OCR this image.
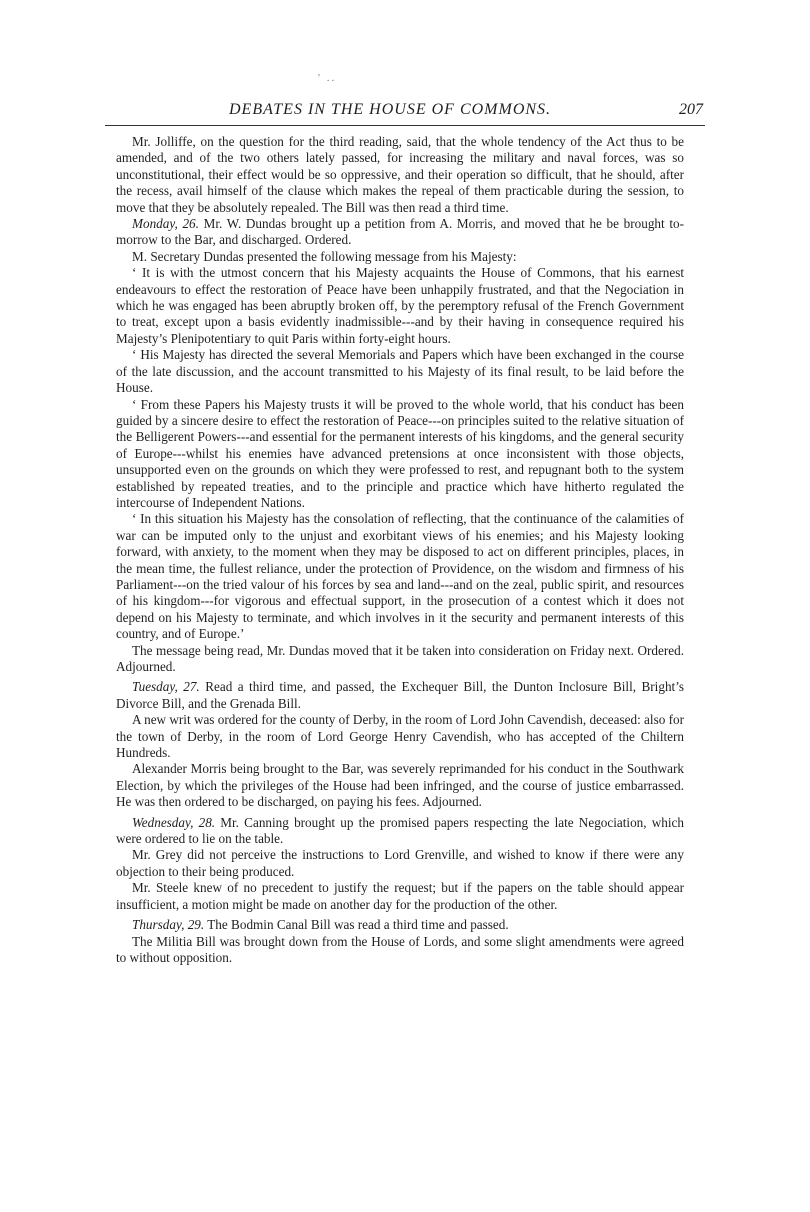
' ..
DEBATES IN THE HOUSE OF COMMONS.	207

Mr. Jolliffe, on the question for the third reading, said, that the whole tendency of the Act thus to be amended, and of the two others lately passed, for increasing the military and naval forces, was so unconstitutional, their effect would be so oppressive, and their operation so difficult, that he should, after the recess, avail himself of the clause which makes the repeal of them practicable during the session, to move that they be absolutely repealed. The Bill was then read a third time.

Monday, 26. Mr. W. Dundas brought up a petition from A. Morris, and moved that he be brought to-morrow to the Bar, and discharged. Ordered.

M. Secretary Dundas presented the following message from his Majesty:

‘ It is with the utmost concern that his Majesty acquaints the House of Commons, that his earnest endeavours to effect the restoration of Peace have been unhappily frustrated, and that the Negociation in which he was engaged has been abruptly broken off, by the peremptory refusal of the French Government to treat, except upon a basis evidently inadmissible---and by their having in consequence required his Majesty’s Plenipotentiary to quit Paris within forty-eight hours.

‘ His Majesty has directed the several Memorials and Papers which have been exchanged in the course of the late discussion, and the account transmitted to his Majesty of its final result, to be laid before the House.

‘ From these Papers his Majesty trusts it will be proved to the whole world, that his conduct has been guided by a sincere desire to effect the restoration of Peace---on principles suited to the relative situation of the Belligerent Powers---and essential for the permanent interests of his kingdoms, and the general security of Europe---whilst his enemies have advanced pretensions at once inconsistent with those objects, unsupported even on the grounds on which they were professed to rest, and repugnant both to the system established by repeated treaties, and to the principle and practice which have hitherto regulated the intercourse of Independent Nations.

‘ In this situation his Majesty has the consolation of reflecting, that the continuance of the calamities of war can be imputed only to the unjust and exorbitant views of his enemies; and his Majesty looking forward, with anxiety, to the moment when they may be disposed to act on different principles, places, in the mean time, the fullest reliance, under the protection of Providence, on the wisdom and firmness of his Parliament---on the tried valour of his forces by sea and land---and on the zeal, public spirit, and resources of his kingdom---for vigorous and effectual support, in the prosecution of a contest which it does not depend on his Majesty to terminate, and which involves in it the security and permanent interests of this country, and of Europe.’

The message being read, Mr. Dundas moved that it be taken into consideration on Friday next. Ordered. Adjourned.

Tuesday, 27. Read a third time, and passed, the Exchequer Bill, the Dunton Inclosure Bill, Bright’s Divorce Bill, and the Grenada Bill.

A new writ was ordered for the county of Derby, in the room of Lord John Cavendish, deceased: also for the town of Derby, in the room of Lord George Henry Cavendish, who has accepted of the Chiltern Hundreds.

Alexander Morris being brought to the Bar, was severely reprimanded for his conduct in the Southwark Election, by which the privileges of the House had been infringed, and the course of justice embarrassed. He was then ordered to be discharged, on paying his fees. Adjourned.

Wednesday, 28. Mr. Canning brought up the promised papers respecting the late Negociation, which were ordered to lie on the table.

Mr. Grey did not perceive the instructions to Lord Grenville, and wished to know if there were any objection to their being produced.

Mr. Steele knew of no precedent to justify the request; but if the papers on the table should appear insufficient, a motion might be made on another day for the production of the other.

Thursday, 29. The Bodmin Canal Bill was read a third time and passed.

The Militia Bill was brought down from the House of Lords, and some slight amendments were agreed to without opposition.
